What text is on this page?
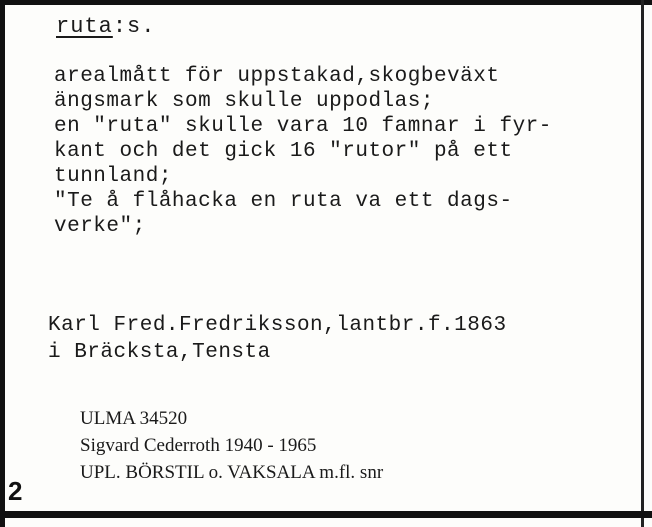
ruta:s.
arealmått för uppstakad,skogbeväxt
ängsmark som skulle uppodlas;
en "ruta" skulle vara 10 famnar i fyr-
kant och det gick 16 "rutor" på ett
tunnland;
"Te å flåhacka en ruta va ett dags-
verke";
Karl Fred.Fredriksson,lantbr.f.1863
i Bräcksta,Tensta
ULMA 34520
Sigvard Cederroth 1940 - 1965
UPL. BÖRSTIL o. VAKSALA m.fl. snr
2
